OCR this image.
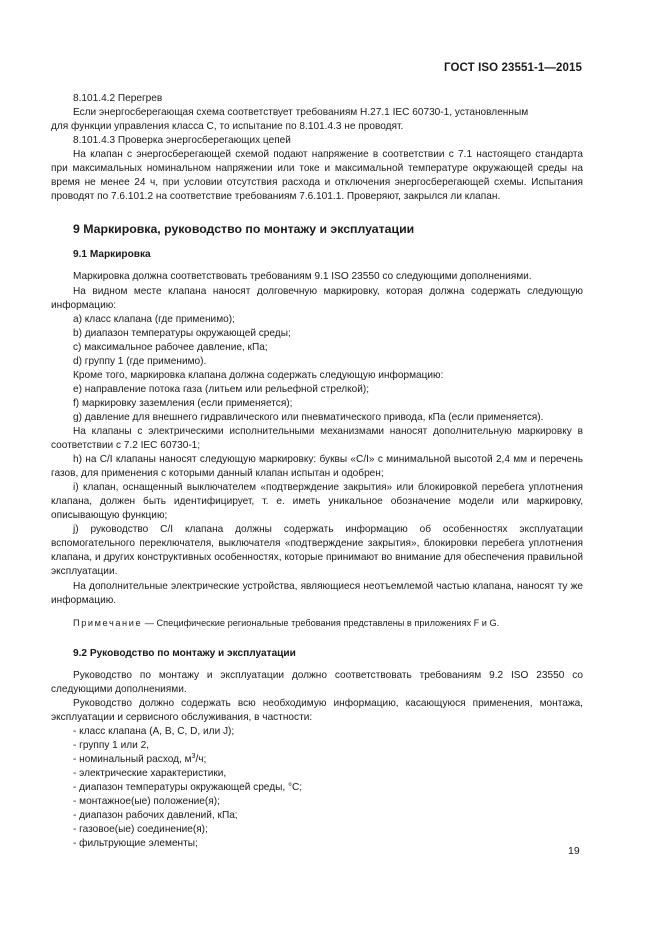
ГОСТ ISO 23551-1—2015

8.101.4.2 Перегрев

Если энергосберегающая схема соответствует требованиям Н.27.1 IEC 60730-1, установленным

для функции управления класса С, то испытание по 8.101.4.3 не проводят.

8.101.4.3 Проверка энергосберегающих цепей

На клапан с энергосберегающей схемой подают напряжение в соответствии с 7.1 настоящего стандарта при максимальных номинальном напряжении или токе и максимальной температуре окружающей среды на время не менее 24 ч, при условии отсутствия расхода и отключения энергосберегающей схемы. Испытания проводят по 7.6.101.2 на соответствие требованиям 7.6.101.1. Проверяют, закрылся ли клапан.

9 Маркировка, руководство по монтажу и эксплуатации

9.1 Маркировка

Маркировка должна соответствовать требованиям 9.1 ISO 23550 со следующими дополнениями.

На видном месте клапана наносят долговечную маркировку, которая должна содержать следующую информацию:

a) класс клапана (где применимо);

b) диапазон температуры окружающей среды;

c) максимальное рабочее давление, кПа;

d) группу 1 (где применимо).

Кроме того, маркировка клапана должна содержать следующую информацию:

e) направление потока газа (литьем или рельефной стрелкой);

f) маркировку заземления (если применяется);

g) давление для внешнего гидравлического или пневматического привода, кПа (если применяется).

На клапаны с электрическими исполнительными механизмами наносят дополнительную маркировку в соответствии с 7.2 IEC 60730-1;

h) на С/I клапаны наносят следующую маркировку: буквы «С/I» с минимальной высотой 2,4 мм и перечень газов, для применения с которыми данный клапан испытан и одобрен;

i) клапан, оснащенный выключателем «подтверждение закрытия» или блокировкой перебега уплотнения клапана, должен быть идентифицирует, т. е. иметь уникальное обозначение модели или маркировку, описывающую функцию;

j) руководство С/I клапана должны содержать информацию об особенностях эксплуатации вспомогательного переключателя, выключателя «подтверждение закрытия», блокировки перебега уплотнения клапана, и других конструктивных особенностях, которые принимают во внимание для обеспечения правильной эксплуатации.

На дополнительные электрические устройства, являющиеся неотъемлемой частью клапана, наносят ту же информацию.

Примечание — Специфические региональные требования представлены в приложениях F и G.

9.2 Руководство по монтажу и эксплуатации

Руководство по монтажу и эксплуатации должно соответствовать требованиям 9.2 ISO 23550 со следующими дополнениями.

Руководство должно содержать всю необходимую информацию, касающуюся применения, монтажа, эксплуатации и сервисного обслуживания, в частности:

- класс клапана (A, B, C, D, или J);

- группу 1 или 2,

- номинальный расход, $м^3/ч$;

- электрические характеристики,

- диапазон температуры окружающей среды, °С;

- монтажное(ые) положение(я);

- диапазон рабочих давлений, кПа;

- газовое(ые) соединение(я);

- фильтрующие элементы;

19
